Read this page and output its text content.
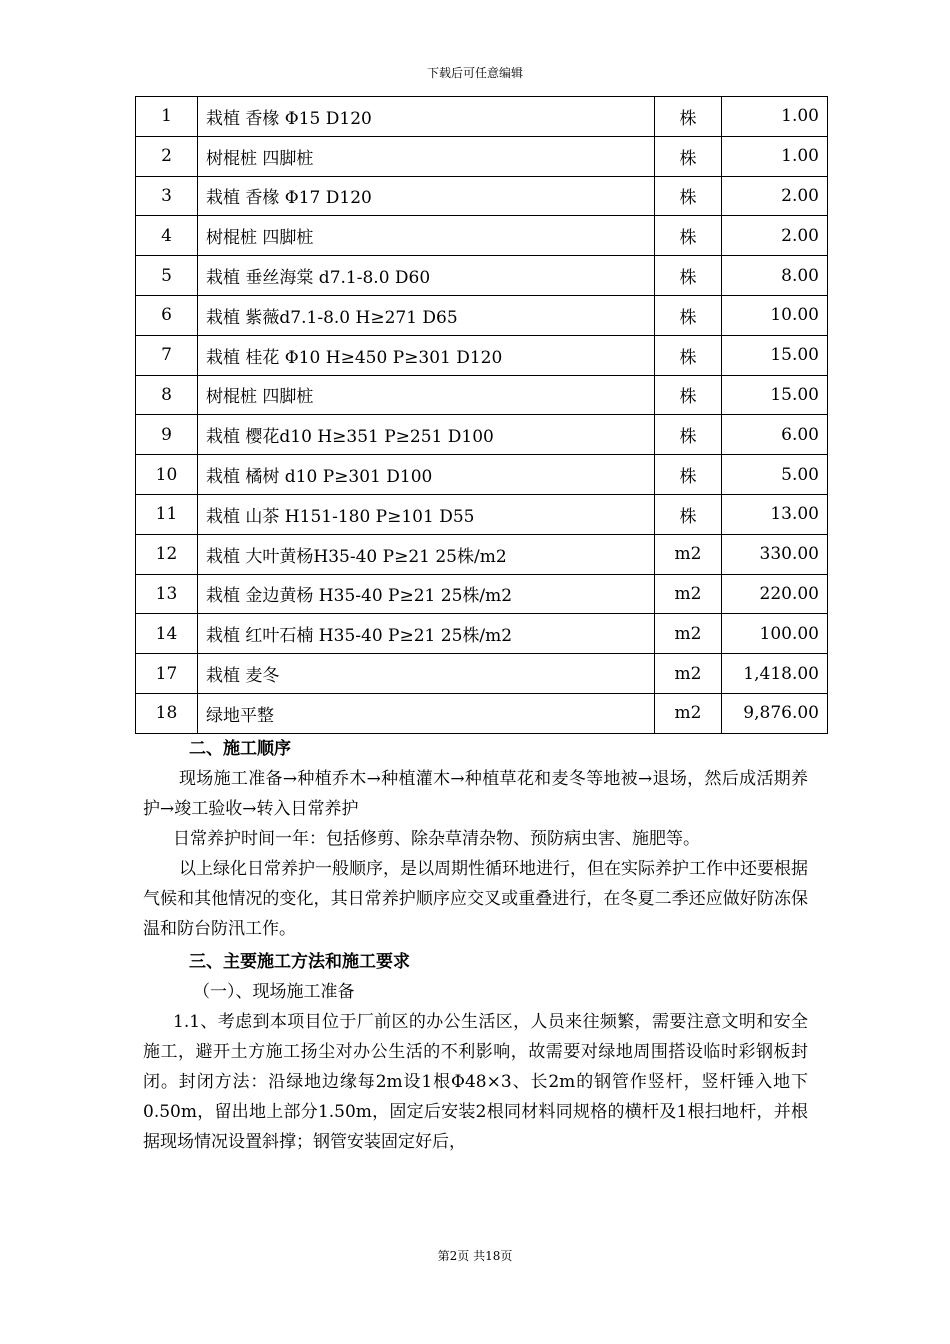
下载后可任意编辑
1	栽植 香椽 Φ15 D120	株	1.00
2	树棍桩 四脚桩	株	1.00
3	栽植 香椽 Φ17 D120	株	2.00
4	树棍桩 四脚桩	株	2.00
5	栽植 垂丝海棠 d7.1-8.0 D60	株	8.00
6	栽植 紫薇d7.1-8.0 H≥271 D65	株	10.00
7	栽植 桂花 Φ10 H≥450 P≥301 D120	株	15.00
8	树棍桩 四脚桩	株	15.00
9	栽植 樱花d10 H≥351 P≥251 D100	株	6.00
10	栽植 橘树 d10 P≥301 D100	株	5.00
11	栽植 山茶 H151-180 P≥101 D55	株	13.00
12	栽植 大叶黄杨H35-40 P≥21 25株/m2	m2	330.00
13	栽植 金边黄杨 H35-40 P≥21 25株/m2	m2	220.00
14	栽植 红叶石楠 H35-40 P≥21 25株/m2	m2	100.00
17	栽植 麦冬	m2	1,418.00
18	绿地平整	m2	9,876.00

二、施工顺序

现场施工准备→种植乔木→种植灌木→种植草花和麦冬等地被→退场，然后成活期养护→竣工验收→转入日常养护

日常养护时间一年：包括修剪、除杂草清杂物、预防病虫害、施肥等。

以上绿化日常养护一般顺序，是以周期性循环地进行，但在实际养护工作中还要根据气候和其他情况的变化，其日常养护顺序应交叉或重叠进行，在冬夏二季还应做好防冻保温和防台防汛工作。

三、主要施工方法和施工要求

（一）、现场施工准备

1.1、考虑到本项目位于厂前区的办公生活区，人员来往频繁，需要注意文明和安全施工，避开土方施工扬尘对办公生活的不利影响，故需要对绿地周围搭设临时彩钢板封闭。封闭方法：沿绿地边缘每2m设1根Φ48×3、长2m的钢管作竖杆，竖杆锤入地下0.50m，留出地上部分1.50m，固定后安装2根同材料同规格的横杆及1根扫地杆，并根据现场情况设置斜撑；钢管安装固定好后，

第2页 共18页
